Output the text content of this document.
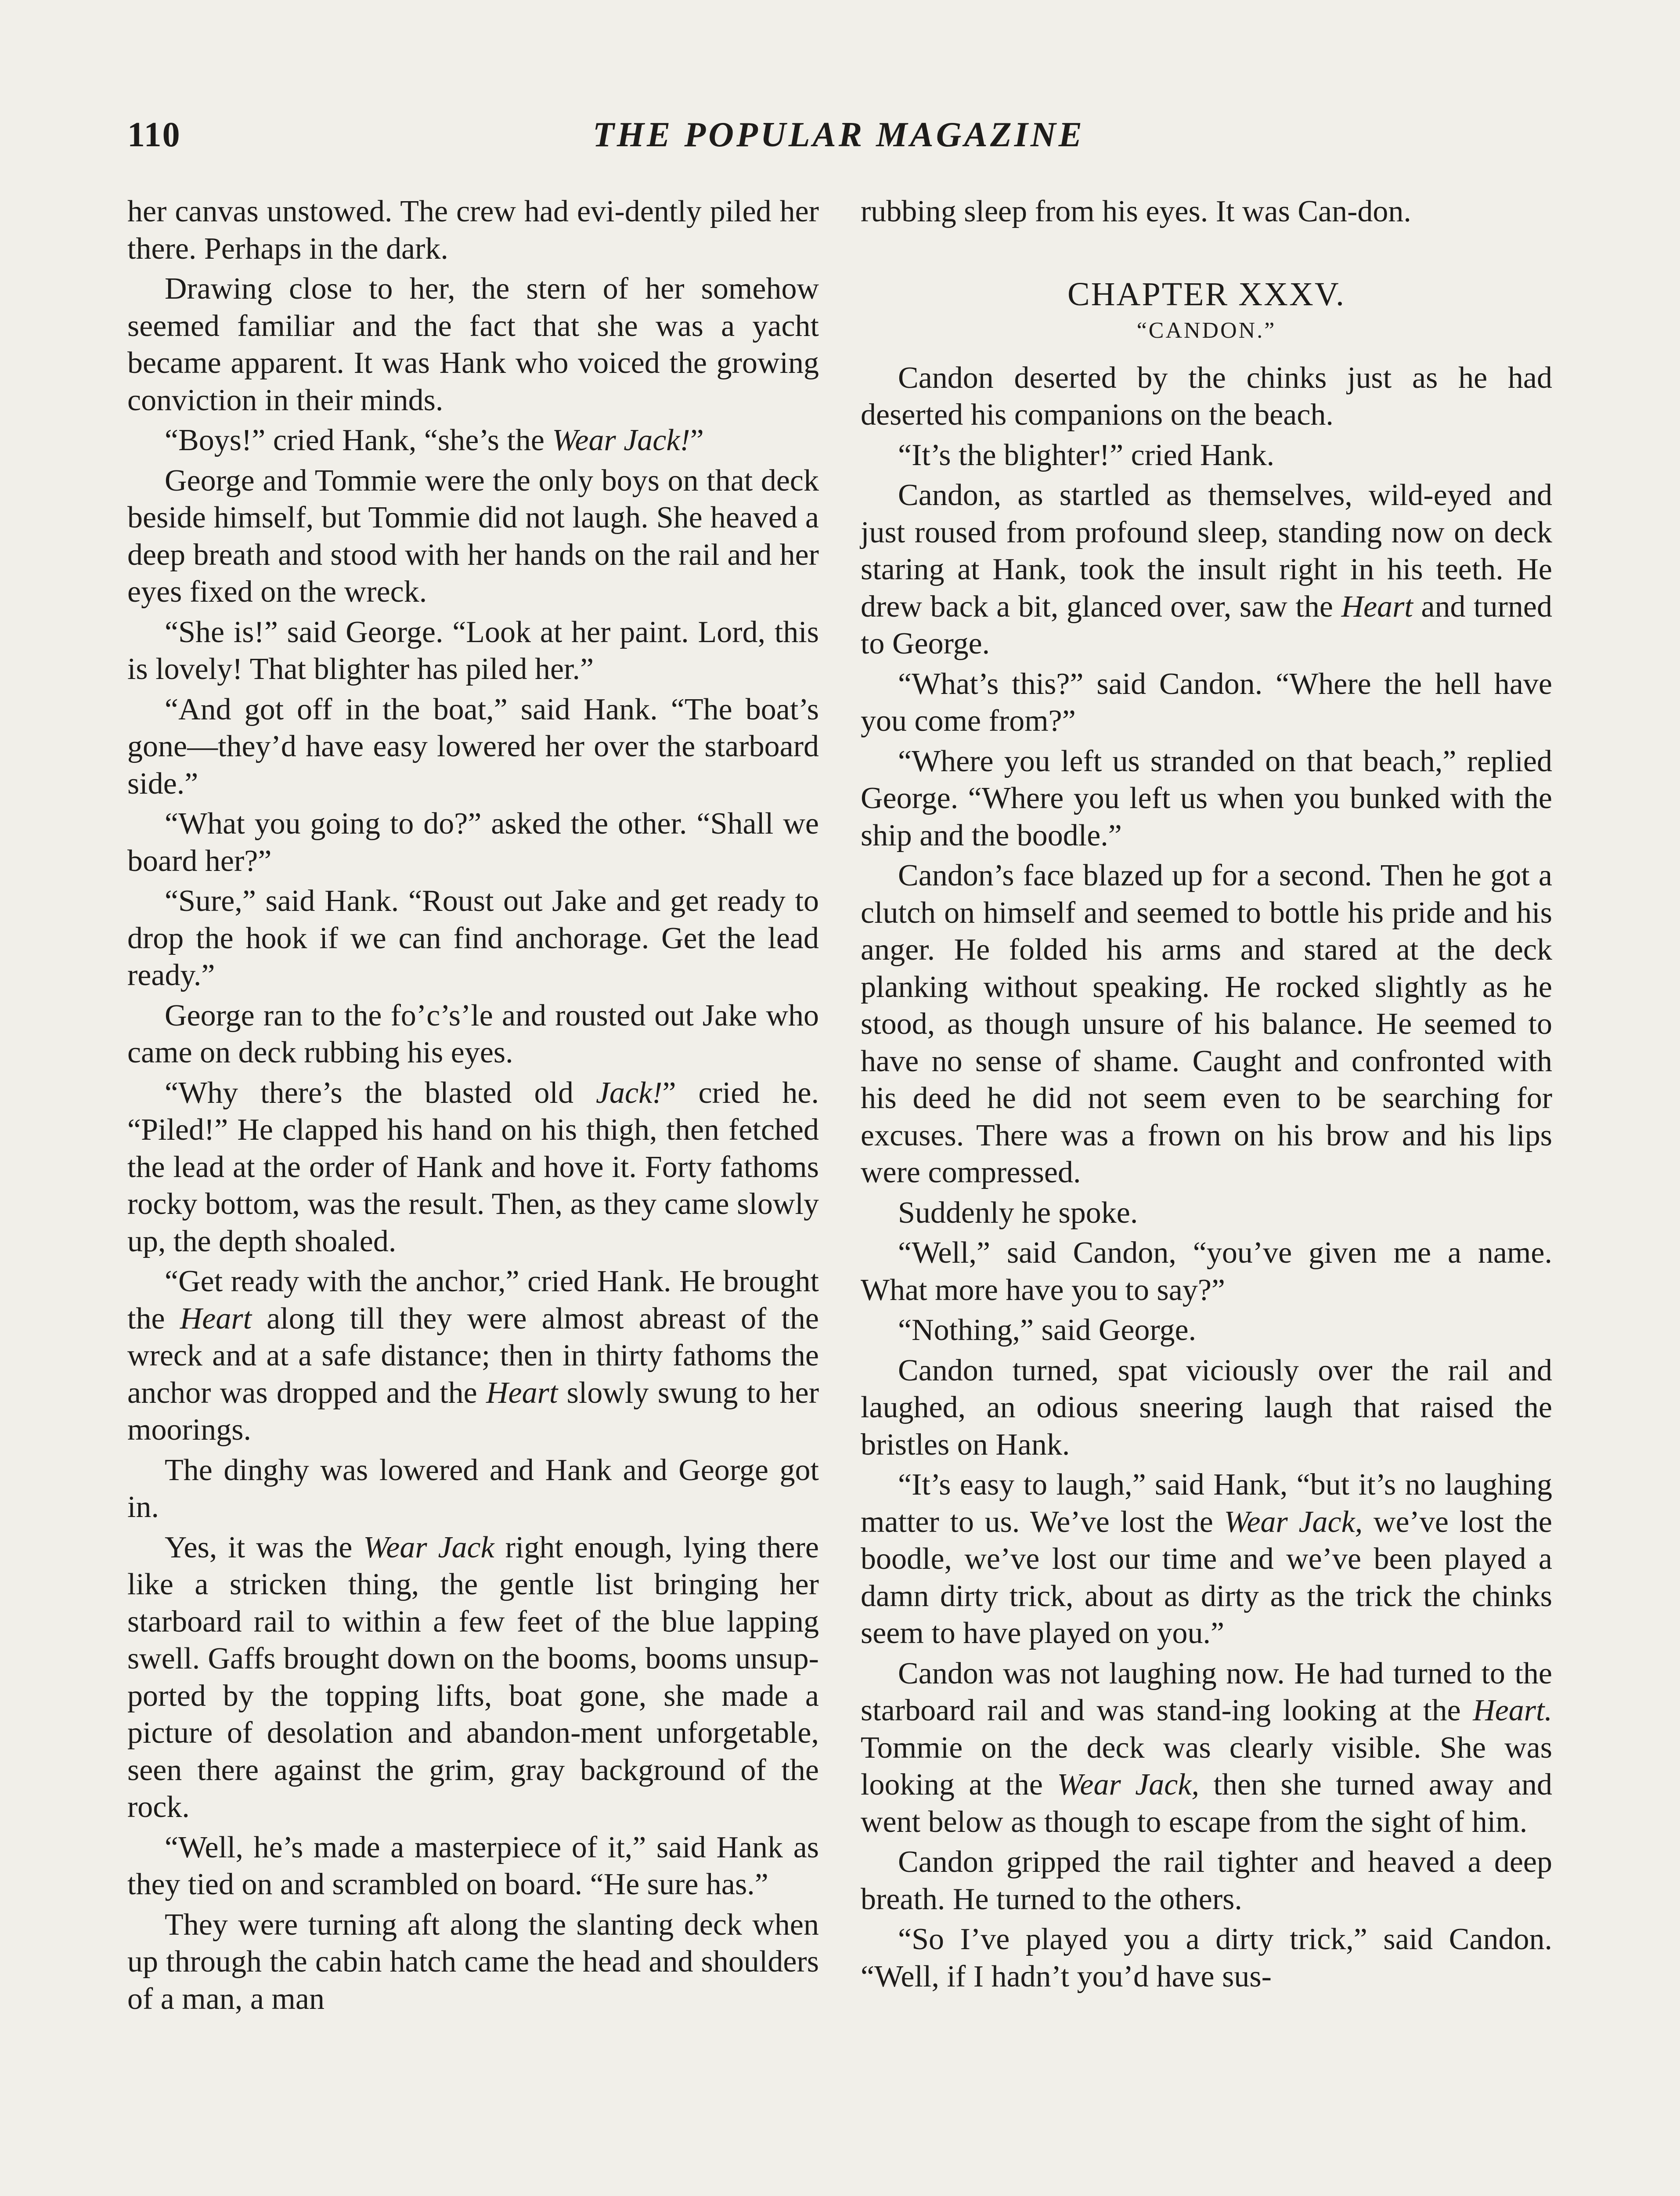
110	THE POPULAR MAGAZINE

her canvas unstowed. The crew had evi-dently piled her there. Perhaps in the dark.

Drawing close to her, the stern of her somehow seemed familiar and the fact that she was a yacht became apparent. It was Hank who voiced the growing conviction in their minds.

“Boys!” cried Hank, “she’s the Wear Jack!”

George and Tommie were the only boys on that deck beside himself, but Tommie did not laugh. She heaved a deep breath and stood with her hands on the rail and her eyes fixed on the wreck.

“She is!” said George. “Look at her paint. Lord, this is lovely! That blighter has piled her.”

“And got off in the boat,” said Hank. “The boat’s gone—they’d have easy lowered her over the starboard side.”

“What you going to do?” asked the other. “Shall we board her?”

“Sure,” said Hank. “Roust out Jake and get ready to drop the hook if we can find anchorage. Get the lead ready.”

George ran to the fo’c’s’le and rousted out Jake who came on deck rubbing his eyes.

“Why there’s the blasted old Jack!” cried he. “Piled!” He clapped his hand on his thigh, then fetched the lead at the order of Hank and hove it. Forty fathoms rocky bottom, was the result. Then, as they came slowly up, the depth shoaled.

“Get ready with the anchor,” cried Hank. He brought the Heart along till they were almost abreast of the wreck and at a safe distance; then in thirty fathoms the anchor was dropped and the Heart slowly swung to her moorings.

The dinghy was lowered and Hank and George got in.

Yes, it was the Wear Jack right enough, lying there like a stricken thing, the gentle list bringing her starboard rail to within a few feet of the blue lapping swell. Gaffs brought down on the booms, booms unsup-ported by the topping lifts, boat gone, she made a picture of desolation and abandon-ment unforgetable, seen there against the grim, gray background of the rock.

“Well, he’s made a masterpiece of it,” said Hank as they tied on and scrambled on board. “He sure has.”

They were turning aft along the slanting deck when up through the cabin hatch came the head and shoulders of a man, a man

rubbing sleep from his eyes. It was Can-don.

CHAPTER XXXV.
“CANDON.”

Candon deserted by the chinks just as he had deserted his companions on the beach.

“It’s the blighter!” cried Hank.

Candon, as startled as themselves, wild-eyed and just roused from profound sleep, standing now on deck staring at Hank, took the insult right in his teeth. He drew back a bit, glanced over, saw the Heart and turned to George.

“What’s this?” said Candon. “Where the hell have you come from?”

“Where you left us stranded on that beach,” replied George. “Where you left us when you bunked with the ship and the boodle.”

Candon’s face blazed up for a second. Then he got a clutch on himself and seemed to bottle his pride and his anger. He folded his arms and stared at the deck planking without speaking. He rocked slightly as he stood, as though unsure of his balance. He seemed to have no sense of shame. Caught and confronted with his deed he did not seem even to be searching for excuses. There was a frown on his brow and his lips were compressed.

Suddenly he spoke.

“Well,” said Candon, “you’ve given me a name. What more have you to say?”

“Nothing,” said George.

Candon turned, spat viciously over the rail and laughed, an odious sneering laugh that raised the bristles on Hank.

“It’s easy to laugh,” said Hank, “but it’s no laughing matter to us. We’ve lost the Wear Jack, we’ve lost the boodle, we’ve lost our time and we’ve been played a damn dirty trick, about as dirty as the trick the chinks seem to have played on you.”

Candon was not laughing now. He had turned to the starboard rail and was stand-ing looking at the Heart. Tommie on the deck was clearly visible. She was looking at the Wear Jack, then she turned away and went below as though to escape from the sight of him.

Candon gripped the rail tighter and heaved a deep breath. He turned to the others.

“So I’ve played you a dirty trick,” said Candon. “Well, if I hadn’t you’d have sus-
